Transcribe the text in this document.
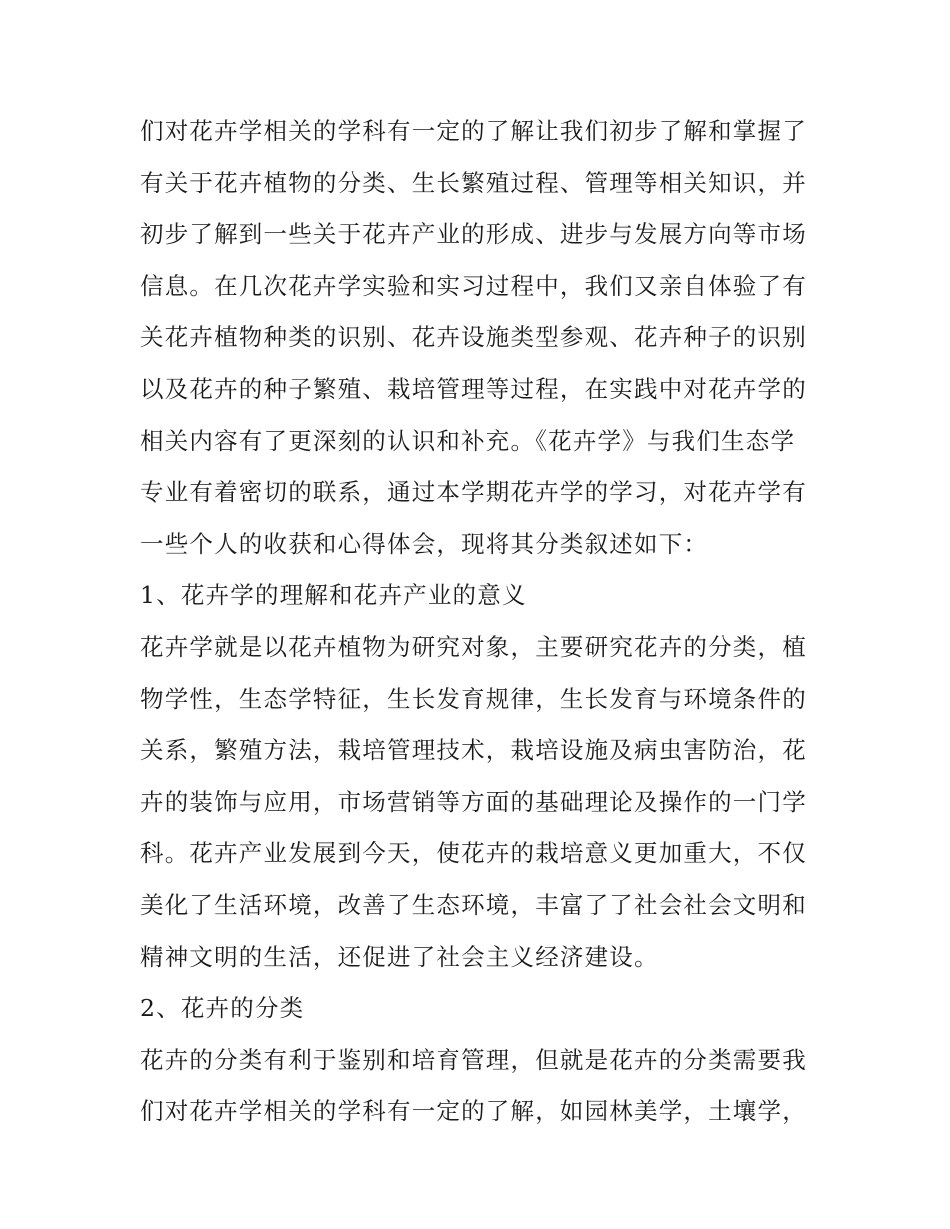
们对花卉学相关的学科有一定的了解让我们初步了解和掌握了
有关于花卉植物的分类、生长繁殖过程、管理等相关知识，并
初步了解到一些关于花卉产业的形成、进步与发展方向等市场
信息。在几次花卉学实验和实习过程中，我们又亲自体验了有
关花卉植物种类的识别、花卉设施类型参观、花卉种子的识别
以及花卉的种子繁殖、栽培管理等过程，在实践中对花卉学的
相关内容有了更深刻的认识和补充。《花卉学》与我们生态学
专业有着密切的联系，通过本学期花卉学的学习，对花卉学有
一些个人的收获和心得体会，现将其分类叙述如下：
1、花卉学的理解和花卉产业的意义
花卉学就是以花卉植物为研究对象，主要研究花卉的分类，植
物学性，生态学特征，生长发育规律，生长发育与环境条件的
关系，繁殖方法，栽培管理技术，栽培设施及病虫害防治，花
卉的装饰与应用，市场营销等方面的基础理论及操作的一门学
科。花卉产业发展到今天，使花卉的栽培意义更加重大，不仅
美化了生活环境，改善了生态环境，丰富了了社会社会文明和
精神文明的生活，还促进了社会主义经济建设。
2、花卉的分类
花卉的分类有利于鉴别和培育管理，但就是花卉的分类需要我
们对花卉学相关的学科有一定的了解，如园林美学，土壤学，
